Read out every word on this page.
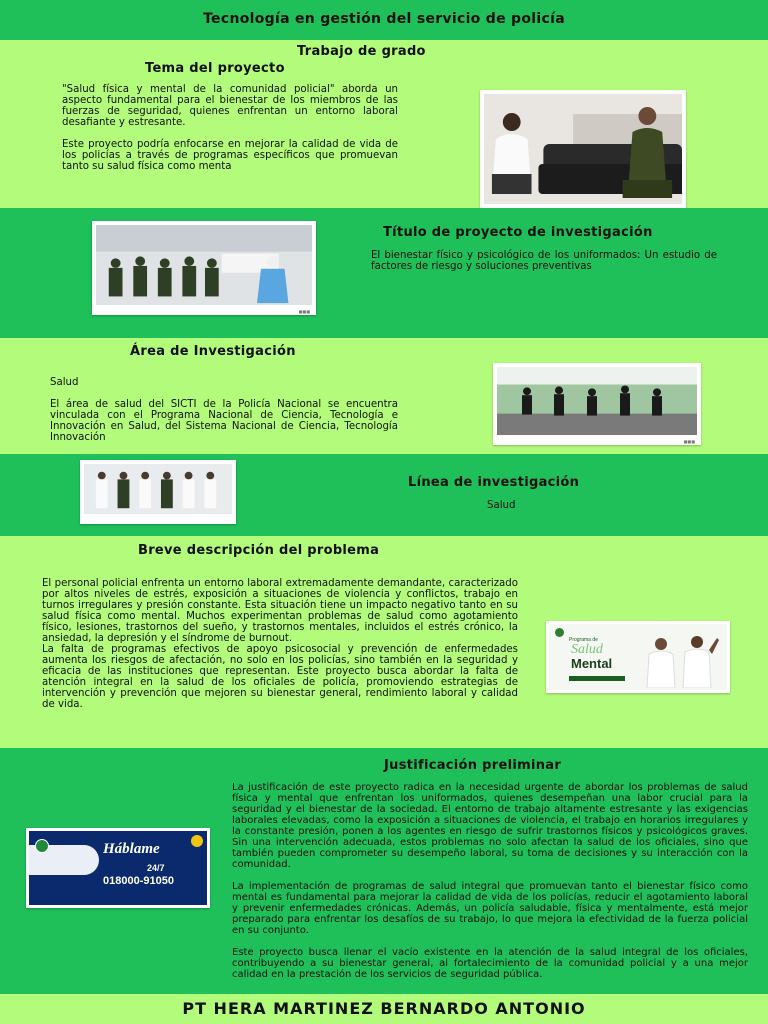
Tecnología en gestión del servicio de policía
Trabajo de grado
Tema del proyecto

"Salud física y mental de la comunidad policial" aborda un aspecto fundamental para el bienestar de los miembros de las fuerzas de seguridad, quienes enfrentan un entorno laboral desafiante y estresante.

Este proyecto podría enfocarse en mejorar la calidad de vida de los policías a través de programas específicos que promuevan tanto su salud física como menta

■■■
Título de proyecto de investigación
El bienestar físico y psicológico de los uniformados: Un estudio de factores de riesgo y soluciones preventivas
Área de Investigación
Salud
El área de salud del SICTI de la Policía Nacional se encuentra vinculada con el Programa Nacional de Ciencia, Tecnología e Innovación en Salud, del Sistema Nacional de Ciencia, Tecnología Innovación	■■■
Línea de investigación
Salud
Breve descripción del problema
El personal policial enfrenta un entorno laboral extremadamente demandante, caracterizado por altos niveles de estrés, exposición a situaciones de violencia y conflictos, trabajo en turnos irregulares y presión constante. Esta situación tiene un impacto negativo tanto en su salud física como mental. Muchos experimentan problemas de salud como agotamiento físico, lesiones, trastornos del sueño, y trastornos mentales, incluidos el estrés crónico, la ansiedad, la depresión y el síndrome de burnout.
La falta de programas efectivos de apoyo psicosocial y prevención de enfermedades aumenta los riesgos de afectación, no solo en los policías, sino también en la seguridad y eficacia de las instituciones que representan. Este proyecto busca abordar la falta de atención integral en la salud de los oficiales de policía, promoviendo estrategias de intervención y prevención que mejoren su bienestar general, rendimiento laboral y calidad de vida.
Programa de
Salud
Mental
Justificación preliminar

La justificación de este proyecto radica en la necesidad urgente de abordar los problemas de salud física y mental que enfrentan los uniformados, quienes desempeñan una labor crucial para la seguridad y el bienestar de la sociedad. El entorno de trabajo altamente estresante y las exigencias laborales elevadas, como la exposición a situaciones de violencia, el trabajo en horarios irregulares y la constante presión, ponen a los agentes en riesgo de sufrir trastornos físicos y psicológicos graves. Sin una intervención adecuada, estos problemas no solo afectan la salud de los oficiales, sino que también pueden comprometer su desempeño laboral, su toma de decisiones y su interacción con la comunidad.

La implementación de programas de salud integral que promuevan tanto el bienestar físico como mental es fundamental para mejorar la calidad de vida de los policías, reducir el agotamiento laboral y prevenir enfermedades crónicas. Además, un policía saludable, física y mentalmente, está mejor preparado para enfrentar los desafíos de su trabajo, lo que mejora la efectividad de la fuerza policial en su conjunto.

Este proyecto busca llenar el vacío existente en la atención de la salud integral de los oficiales, contribuyendo a su bienestar general, al fortalecimiento de la comunidad policial y a una mejor calidad en la prestación de los servicios de seguridad pública.

Háblame
24/7
018000-91050
PT HERA MARTINEZ BERNARDO ANTONIO
